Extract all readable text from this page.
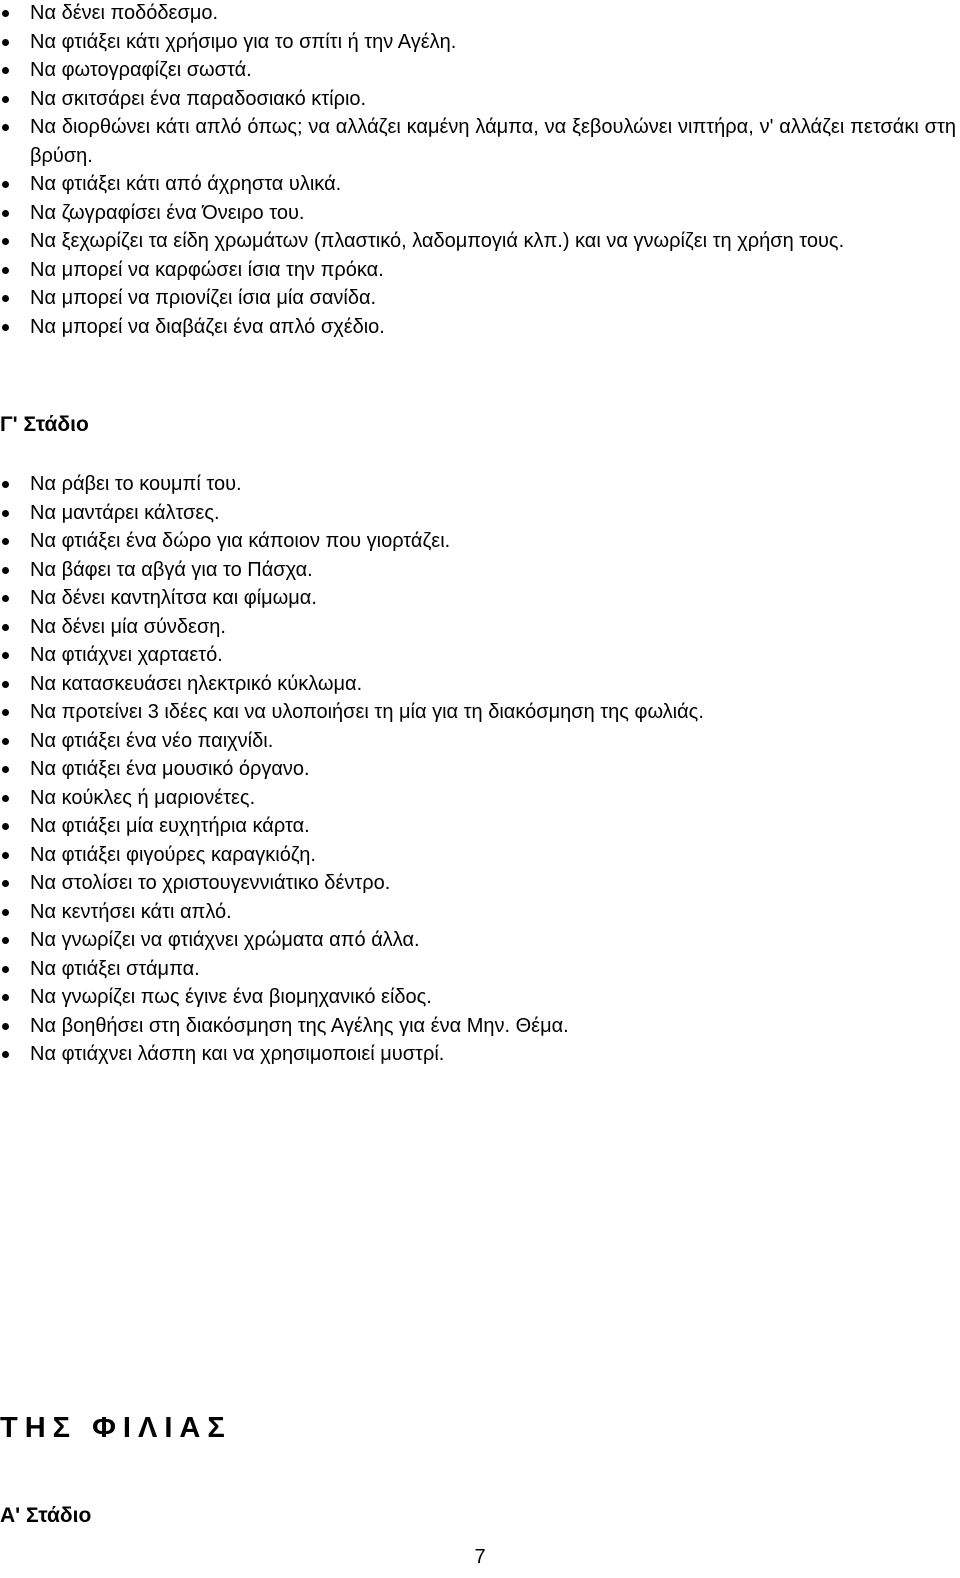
Να δένει ποδόδεσμο.
Να φτιάξει κάτι χρήσιμο για το σπίτι ή την Αγέλη.
Να φωτογραφίζει σωστά.
Να σκιτσάρει ένα παραδοσιακό κτίριο.
Να διορθώνει κάτι απλό όπως; να αλλάζει καμένη λάμπα, να ξεβουλώνει νιπτήρα, ν' αλλάζει πετσάκι στη βρύση.
Να φτιάξει κάτι από άχρηστα υλικά.
Να ζωγραφίσει ένα Όνειρο του.
Να ξεχωρίζει τα είδη χρωμάτων (πλαστικό, λαδομπογιά κλπ.) και να γνωρίζει τη χρήση τους.
Να μπορεί να καρφώσει ίσια την πρόκα.
Να μπορεί να πριονίζει ίσια μία σανίδα.
Να μπορεί να διαβάζει ένα απλό σχέδιο.
Γ' Στάδιο
Να ράβει το κουμπί του.
Να μαντάρει κάλτσες.
Να φτιάξει ένα δώρο για κάποιον που γιορτάζει.
Να βάφει τα αβγά για το Πάσχα.
Να δένει καντηλίτσα και φίμωμα.
Να δένει μία σύνδεση.
Να φτιάχνει χαρταετό.
Να κατασκευάσει ηλεκτρικό κύκλωμα.
Να προτείνει 3 ιδέες και να υλοποιήσει τη μία για τη διακόσμηση της φωλιάς.
Να φτιάξει ένα νέο παιχνίδι.
Να φτιάξει ένα μουσικό όργανο.
Να κούκλες ή μαριονέτες.
Να φτιάξει μία ευχητήρια κάρτα.
Να φτιάξει φιγούρες καραγκιόζη.
Να στολίσει το χριστουγεννιάτικο δέντρο.
Να κεντήσει κάτι απλό.
Να γνωρίζει να φτιάχνει χρώματα από άλλα.
Να φτιάξει στάμπα.
Να γνωρίζει πως έγινε ένα βιομηχανικό είδος.
Να βοηθήσει στη διακόσμηση της Αγέλης για ένα Μην. Θέμα.
Να φτιάχνει λάσπη και να χρησιμοποιεί μυστρί.
ΤΗΣ ΦΙΛΙΑΣ
Α' Στάδιο
7
